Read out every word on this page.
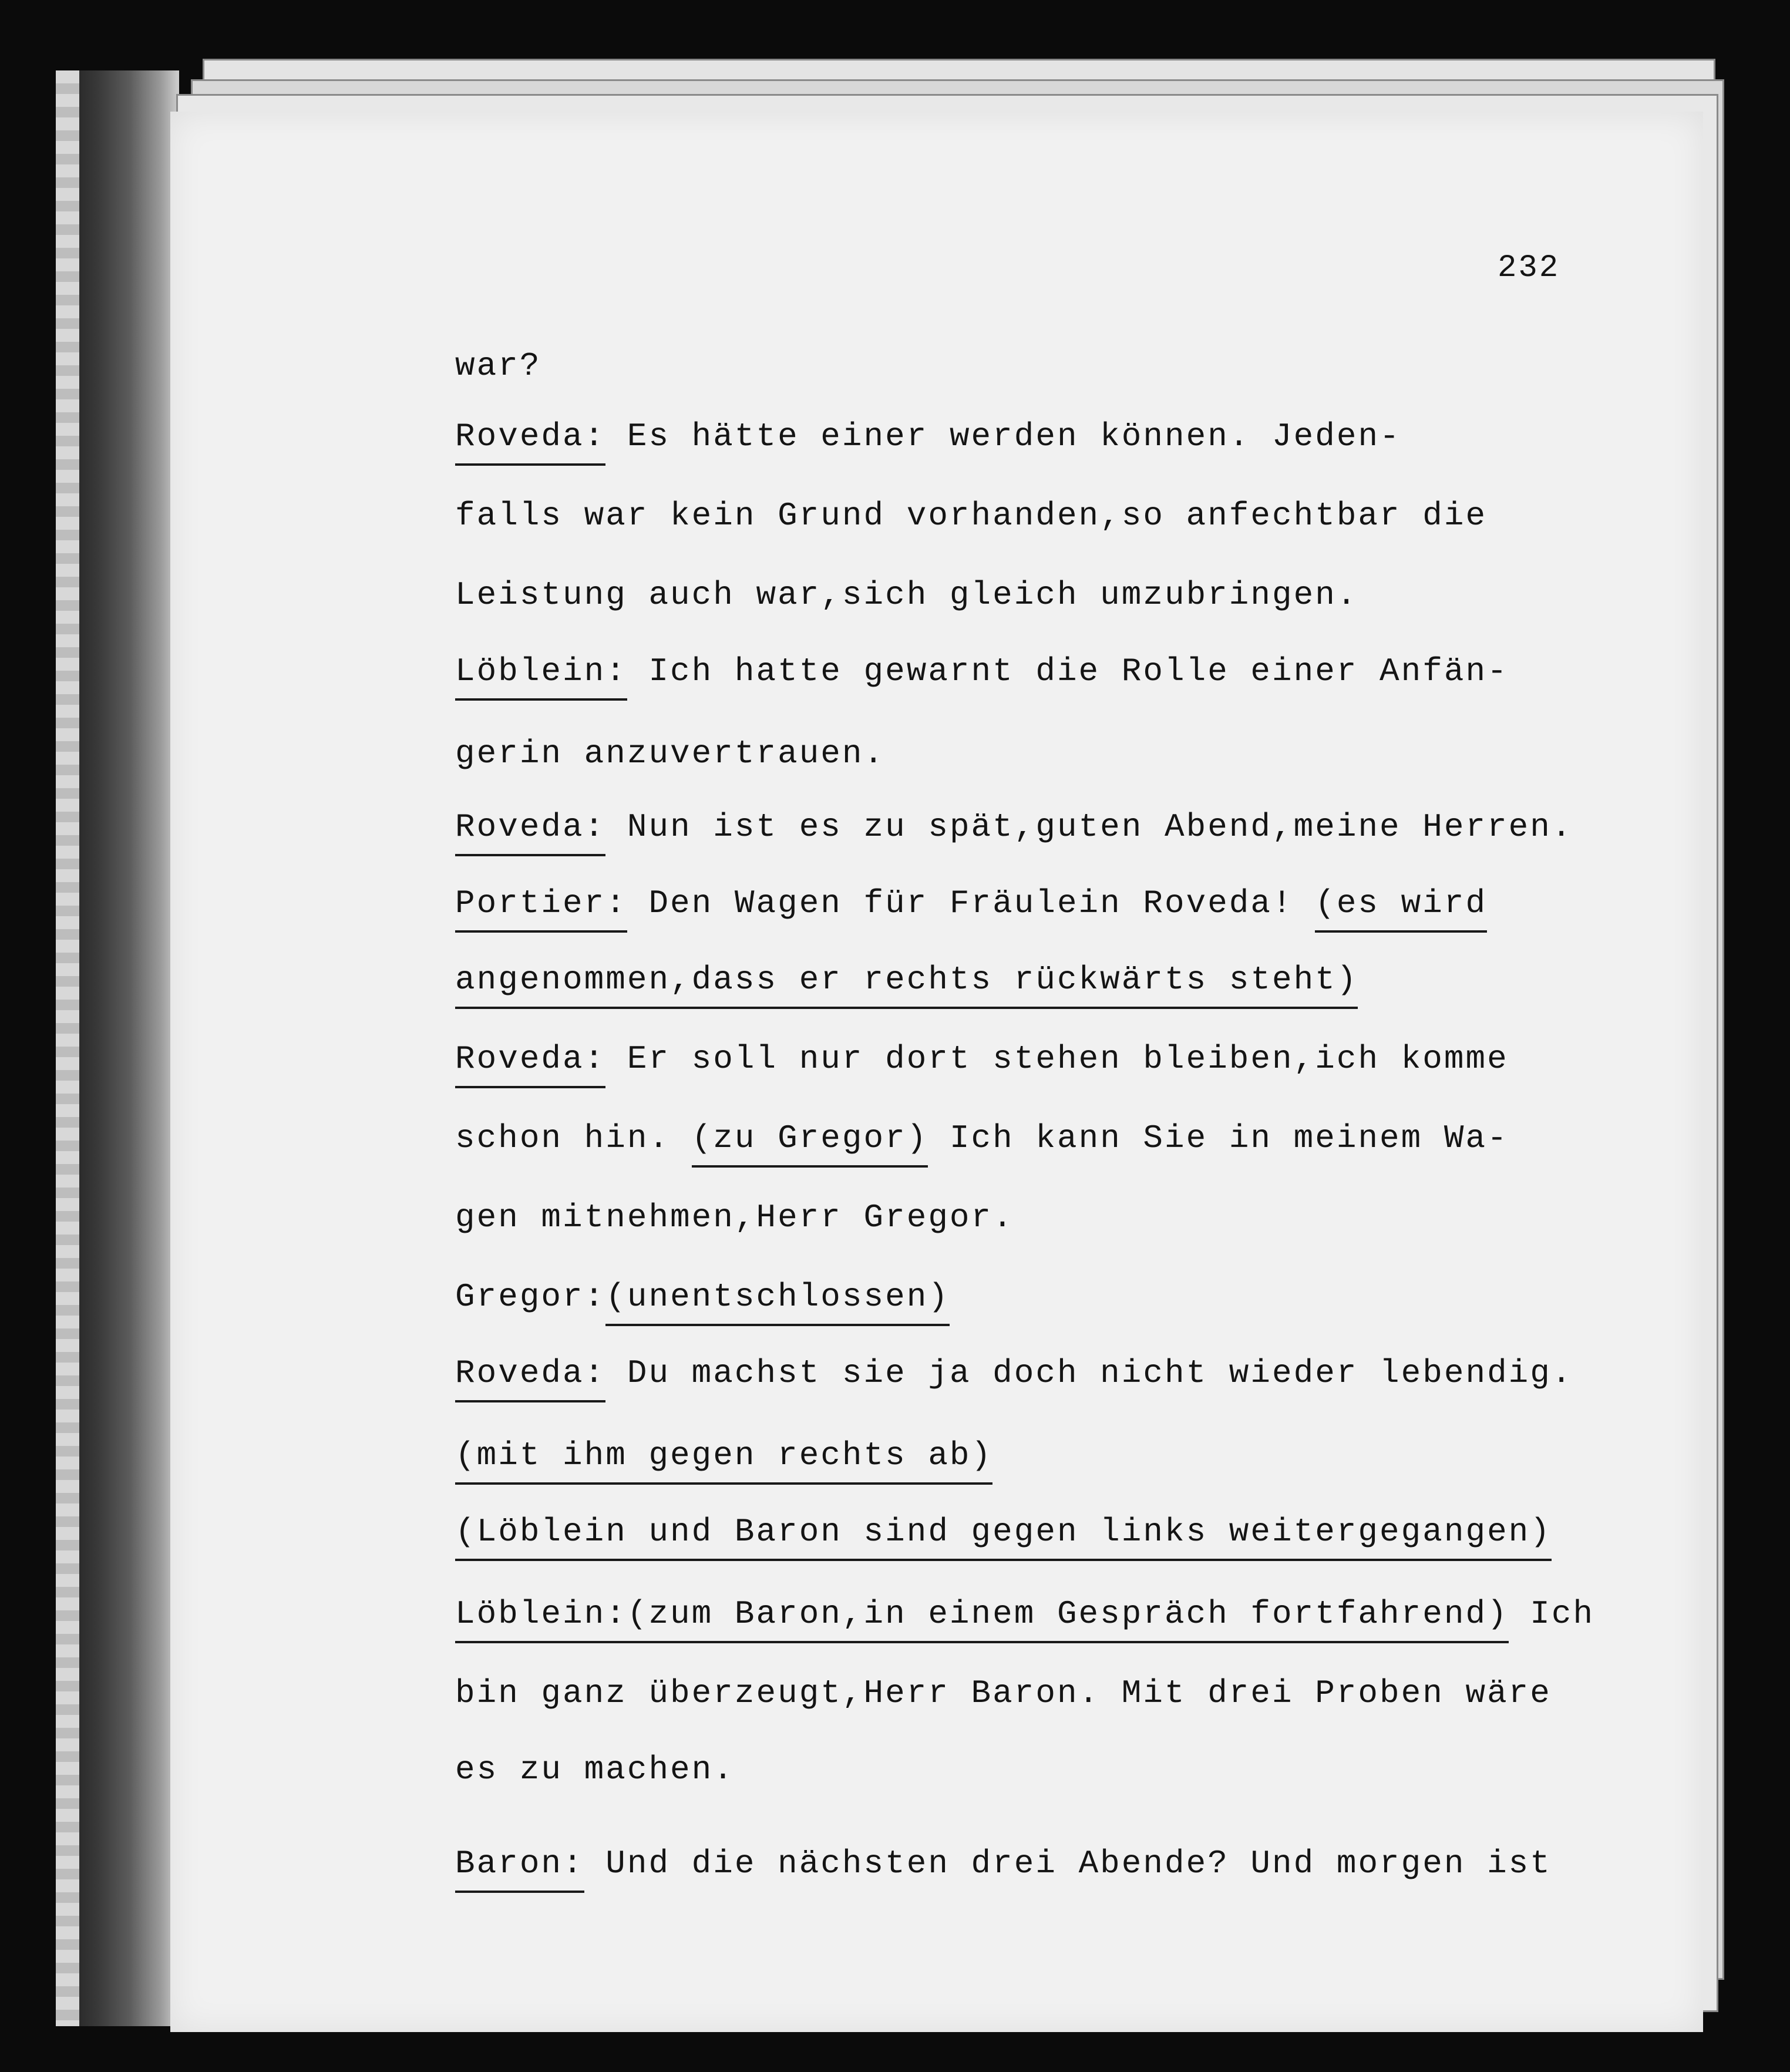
232
war?
Roveda: Es hätte einer werden können. Jeden-
falls war kein Grund vorhanden,so anfechtbar die
Leistung auch war,sich gleich umzubringen.
Löblein: Ich hatte gewarnt die Rolle einer Anfän-
gerin anzuvertrauen.
Roveda: Nun ist es zu spät,guten Abend,meine Herren.
Portier: Den Wagen für Fräulein Roveda! (es wird
angenommen,dass er rechts rückwärts steht)
Roveda: Er soll nur dort stehen bleiben,ich komme
schon hin. (zu Gregor) Ich kann Sie in meinem Wa-
gen mitnehmen,Herr Gregor.
Gregor:(unentschlossen)
Roveda: Du machst sie ja doch nicht wieder lebendig.
(mit ihm gegen rechts ab)
(Löblein und Baron sind gegen links weitergegangen)
Löblein:(zum Baron,in einem Gespräch fortfahrend) Ich
bin ganz überzeugt,Herr Baron. Mit drei Proben wäre
es zu machen.
Baron: Und die nächsten drei Abende? Und morgen ist
